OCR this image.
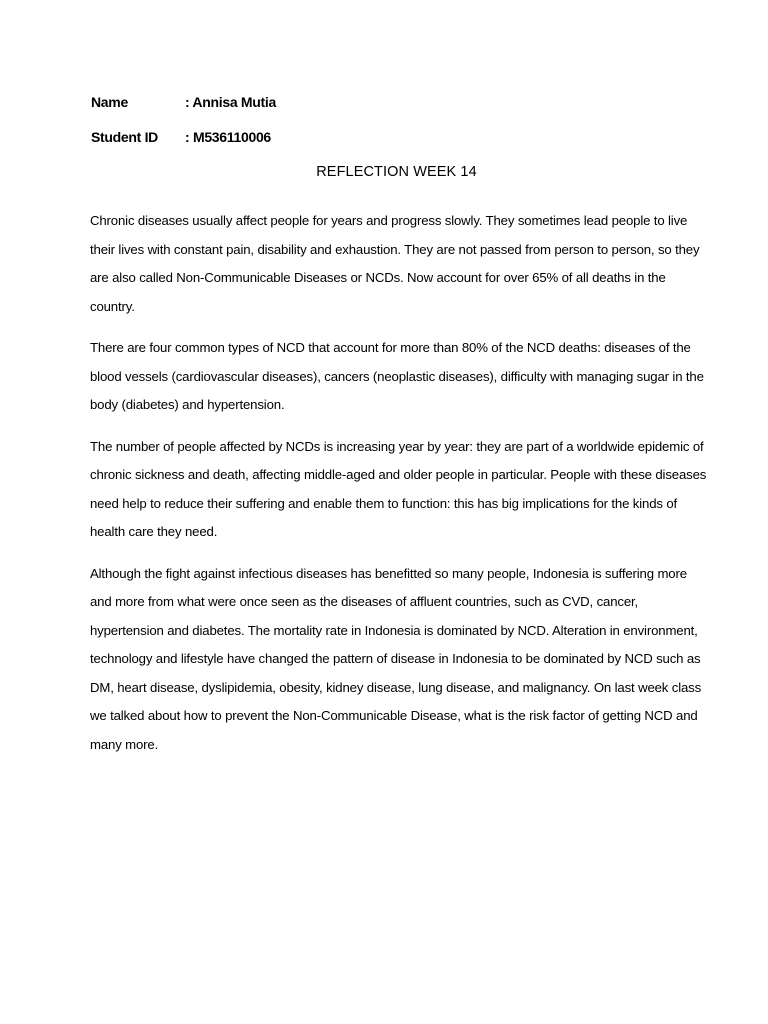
Name	: Annisa Mutia
Student ID : M536110006
REFLECTION WEEK 14

Chronic diseases usually affect people for years and progress slowly. They sometimes lead people to live their lives with constant pain, disability and exhaustion. They are not passed from person to person, so they are also called Non-Communicable Diseases or NCDs. Now account for over 65% of all deaths in the country.

There are four common types of NCD that account for more than 80% of the NCD deaths: diseases of the blood vessels (cardiovascular diseases), cancers (neoplastic diseases), difficulty with managing sugar in the body (diabetes) and hypertension.

The number of people affected by NCDs is increasing year by year: they are part of a worldwide epidemic of chronic sickness and death, affecting middle-aged and older people in particular. People with these diseases need help to reduce their suffering and enable them to function: this has big implications for the kinds of health care they need.

Although the fight against infectious diseases has benefitted so many people, Indonesia is suffering more and more from what were once seen as the diseases of affluent countries, such as CVD, cancer, hypertension and diabetes. The mortality rate in Indonesia is dominated by NCD. Alteration in environment, technology and lifestyle have changed the pattern of disease in Indonesia to be dominated by NCD such as DM, heart disease, dyslipidemia, obesity, kidney disease, lung disease, and malignancy. On last week class we talked about how to prevent the Non-Communicable Disease, what is the risk factor of getting NCD and many more.
